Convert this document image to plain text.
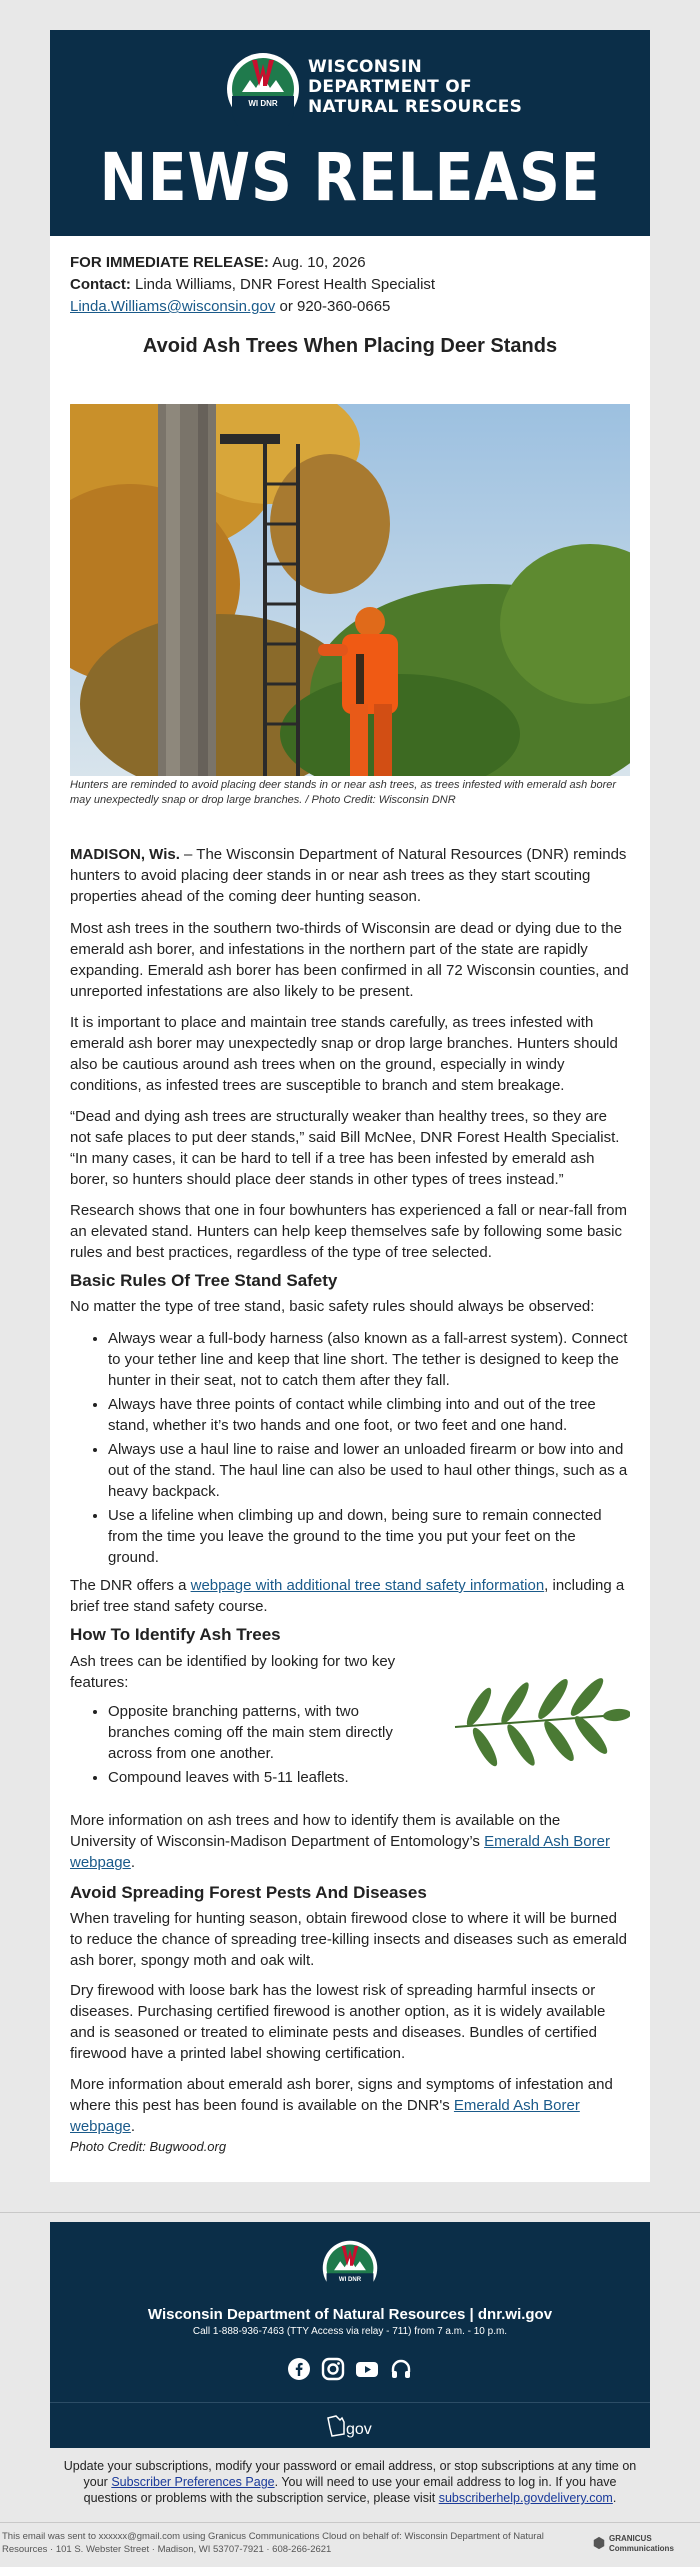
WI DNR
WISCONSIN
DEPARTMENT OF
NATURAL RESOURCES
NEWS RELEASE
FOR IMMEDIATE RELEASE: Aug. 10, 2026
Contact: Linda Williams, DNR Forest Health Specialist
Linda.Williams@wisconsin.gov or 920-360-0665
Avoid Ash Trees When Placing Deer Stands
Hunters are reminded to avoid placing deer stands in or near ash trees, as trees infested with emerald ash borer may unexpectedly snap or drop large branches. / Photo Credit: Wisconsin DNR
MADISON, Wis. – The Wisconsin Department of Natural Resources (DNR) reminds hunters to avoid placing deer stands in or near ash trees as they start scouting properties ahead of the coming deer hunting season.
Most ash trees in the southern two-thirds of Wisconsin are dead or dying due to the emerald ash borer, and infestations in the northern part of the state are rapidly expanding. Emerald ash borer has been confirmed in all 72 Wisconsin counties, and unreported infestations are also likely to be present.
It is important to place and maintain tree stands carefully, as trees infested with emerald ash borer may unexpectedly snap or drop large branches. Hunters should also be cautious around ash trees when on the ground, especially in windy conditions, as infested trees are susceptible to branch and stem breakage.
“Dead and dying ash trees are structurally weaker than healthy trees, so they are not safe places to put deer stands,” said Bill McNee, DNR Forest Health Specialist. “In many cases, it can be hard to tell if a tree has been infested by emerald ash borer, so hunters should place deer stands in other types of trees instead.”
Research shows that one in four bowhunters has experienced a fall or near-fall from an elevated stand. Hunters can help keep themselves safe by following some basic rules and best practices, regardless of the type of tree selected.
Basic Rules Of Tree Stand Safety
No matter the type of tree stand, basic safety rules should always be observed:
• Always wear a full-body harness (also known as a fall-arrest system). Connect to your tether line and keep that line short. The tether is designed to keep the hunter in their seat, not to catch them after they fall.
• Always have three points of contact while climbing into and out of the tree stand, whether it’s two hands and one foot, or two feet and one hand.
• Always use a haul line to raise and lower an unloaded firearm or bow into and out of the stand. The haul line can also be used to haul other things, such as a heavy backpack.
• Use a lifeline when climbing up and down, being sure to remain connected from the time you leave the ground to the time you put your feet on the ground.
The DNR offers a webpage with additional tree stand safety information, including a brief tree stand safety course.
How To Identify Ash Trees
Ash trees can be identified by looking for two key features:
• Opposite branching patterns, with two branches coming off the main stem directly across from one another.
• Compound leaves with 5-11 leaflets.
More information on ash trees and how to identify them is available on the University of Wisconsin-Madison Department of Entomology’s Emerald Ash Borer webpage.
Avoid Spreading Forest Pests And Diseases
When traveling for hunting season, obtain firewood close to where it will be burned to reduce the chance of spreading tree-killing insects and diseases such as emerald ash borer, spongy moth and oak wilt.
Dry firewood with loose bark has the lowest risk of spreading harmful insects or diseases. Purchasing certified firewood is another option, as it is widely available and is seasoned or treated to eliminate pests and diseases. Bundles of certified firewood have a printed label showing certification.
More information about emerald ash borer, signs and symptoms of infestation and where this pest has been found is available on the DNR's Emerald Ash Borer webpage.
Photo Credit: Bugwood.org
WI DNR
Wisconsin Department of Natural Resources | dnr.wi.gov
Call 1-888-936-7463 (TTY Access via relay - 711) from 7 a.m. - 10 p.m.
gov
Update your subscriptions, modify your password or email address, or stop subscriptions at any time on your Subscriber Preferences Page. You will need to use your email address to log in. If you have questions or problems with the subscription service, please visit subscriberhelp.govdelivery.com.
This email was sent to xxxxxx@gmail.com using Granicus Communications Cloud on behalf of: Wisconsin Department of Natural Resources · 101 S. Webster Street · Madison, WI 53707-7921 · 608-266-2621
GRANICUS
Communications
